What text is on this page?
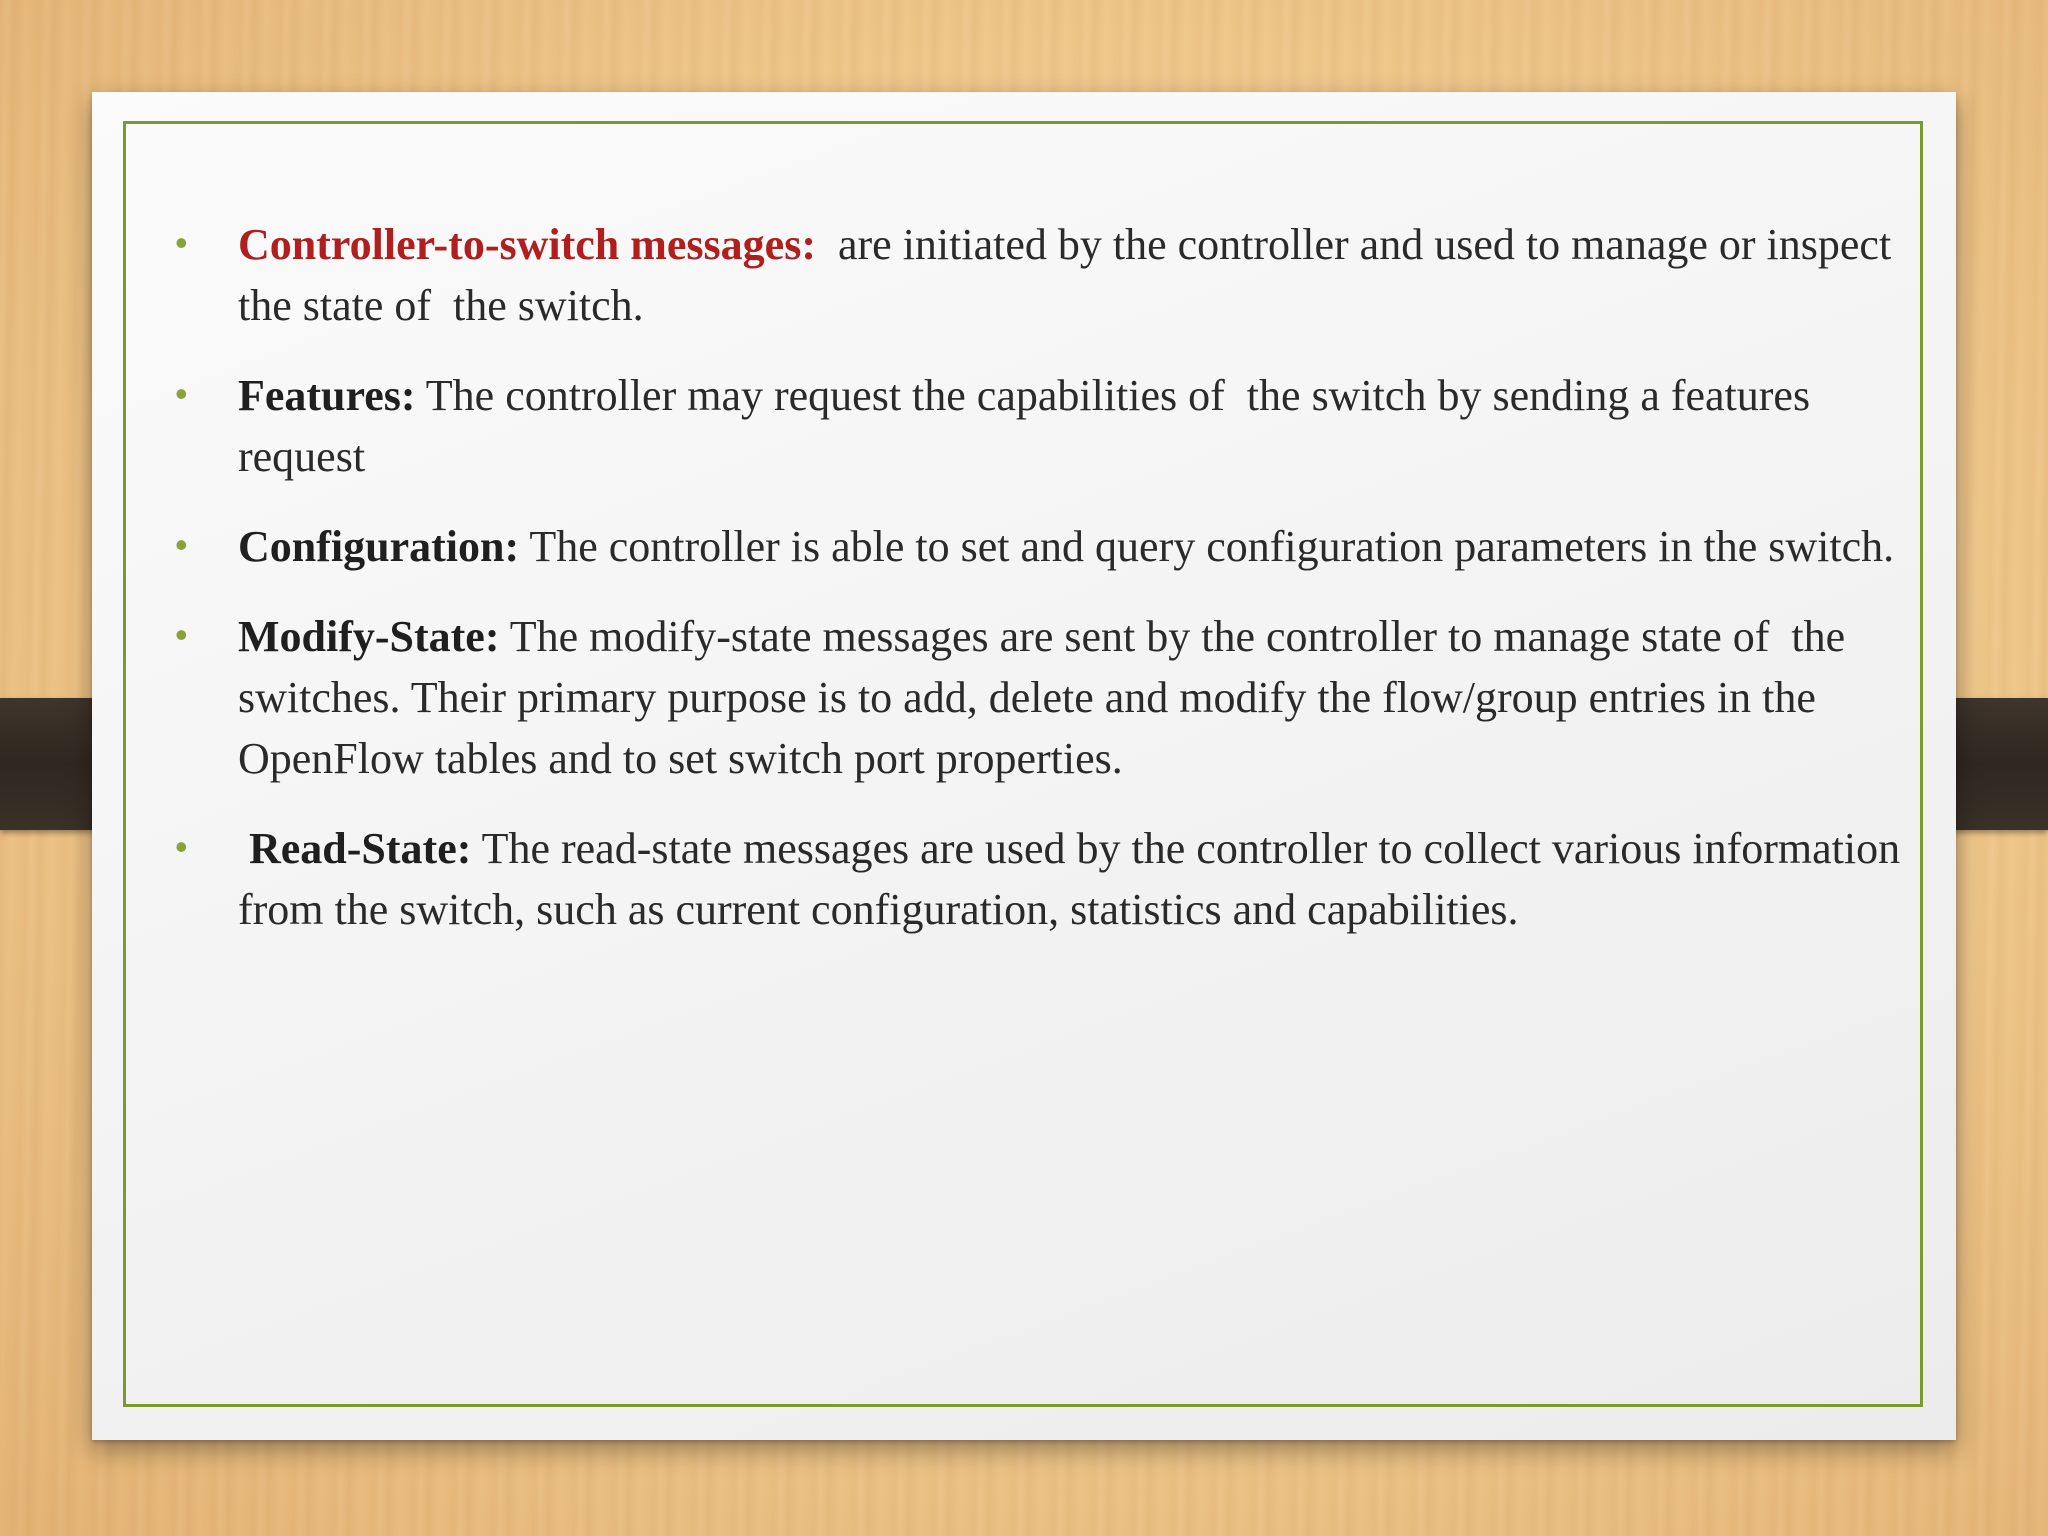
• Controller-to-switch messages:  are initiated by the controller and used to manage or inspect the state of  the switch.
• Features: The controller may request the capabilities of  the switch by sending a features request
• Configuration: The controller is able to set and query configuration parameters in the switch.
• Modify-State: The modify-state messages are sent by the controller to manage state of  the switches. Their primary purpose is to add, delete and modify the flow/group entries in the OpenFlow tables and to set switch port properties.
• Read-State: The read-state messages are used by the controller to collect various information from the switch, such as current configuration, statistics and capabilities.
